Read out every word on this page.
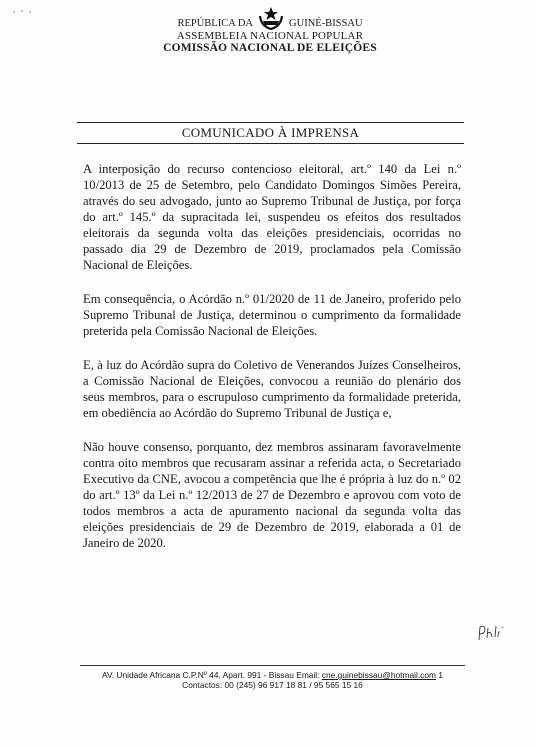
REPÚBLICA DA	GUINÉ-BISSAU
ASSEMBLEIA NACIONAL POPULAR
COMISSÃO NACIONAL DE ELEIÇÕES
COMUNICADO À IMPRENSA

A interposição do recurso contencioso eleitoral, art.º 140 da Lei n.º 10/2013 de 25 de Setembro, pelo Candidato Domingos Simões Pereira, através do seu advogado, junto ao Supremo Tribunal de Justiça, por força do art.º 145.º da supracitada lei, suspendeu os efeitos dos resultados eleitorais da segunda volta das eleições presidenciais, ocorridas no passado dia 29 de Dezembro de 2019, proclamados pela Comissão Nacional de Eleições.

Em consequência, o Acórdão n.º 01/2020 de 11 de Janeiro, proferido pelo Supremo Tribunal de Justiça, determinou o cumprimento da formalidade preterida pela Comissão Nacional de Eleições.

E, à luz do Acórdão supra do Coletivo de Venerandos Juízes Conselheiros, a Comissão Nacional de Eleições, convocou a reunião do plenário dos seus membros, para o escrupuloso cumprimento da formalidade preterida, em obediência ao Acórdão do Supremo Tribunal de Justiça e,

Não houve consenso, porquanto, dez membros assinaram favoravelmente contra oito membros que recusaram assinar a referida acta, o Secretariado Executivo da CNE, avocou a competência que lhe é própria à luz do n.º 02 do art.º 13º da Lei n.º 12/2013 de 27 de Dezembro e aprovou com voto de todos membros a acta de apuramento nacional da segunda volta das eleições presidenciais de 29 de Dezembro de 2019, elaborada a 01 de Janeiro de 2020.

AV. Unidade Africana C.P.Nº 44, Apart. 991 - Bissau Email: cne.guinebissau@hotmail.com 1
Contactos: 00 (245) 96 917 18 81 / 95 565 15 16
